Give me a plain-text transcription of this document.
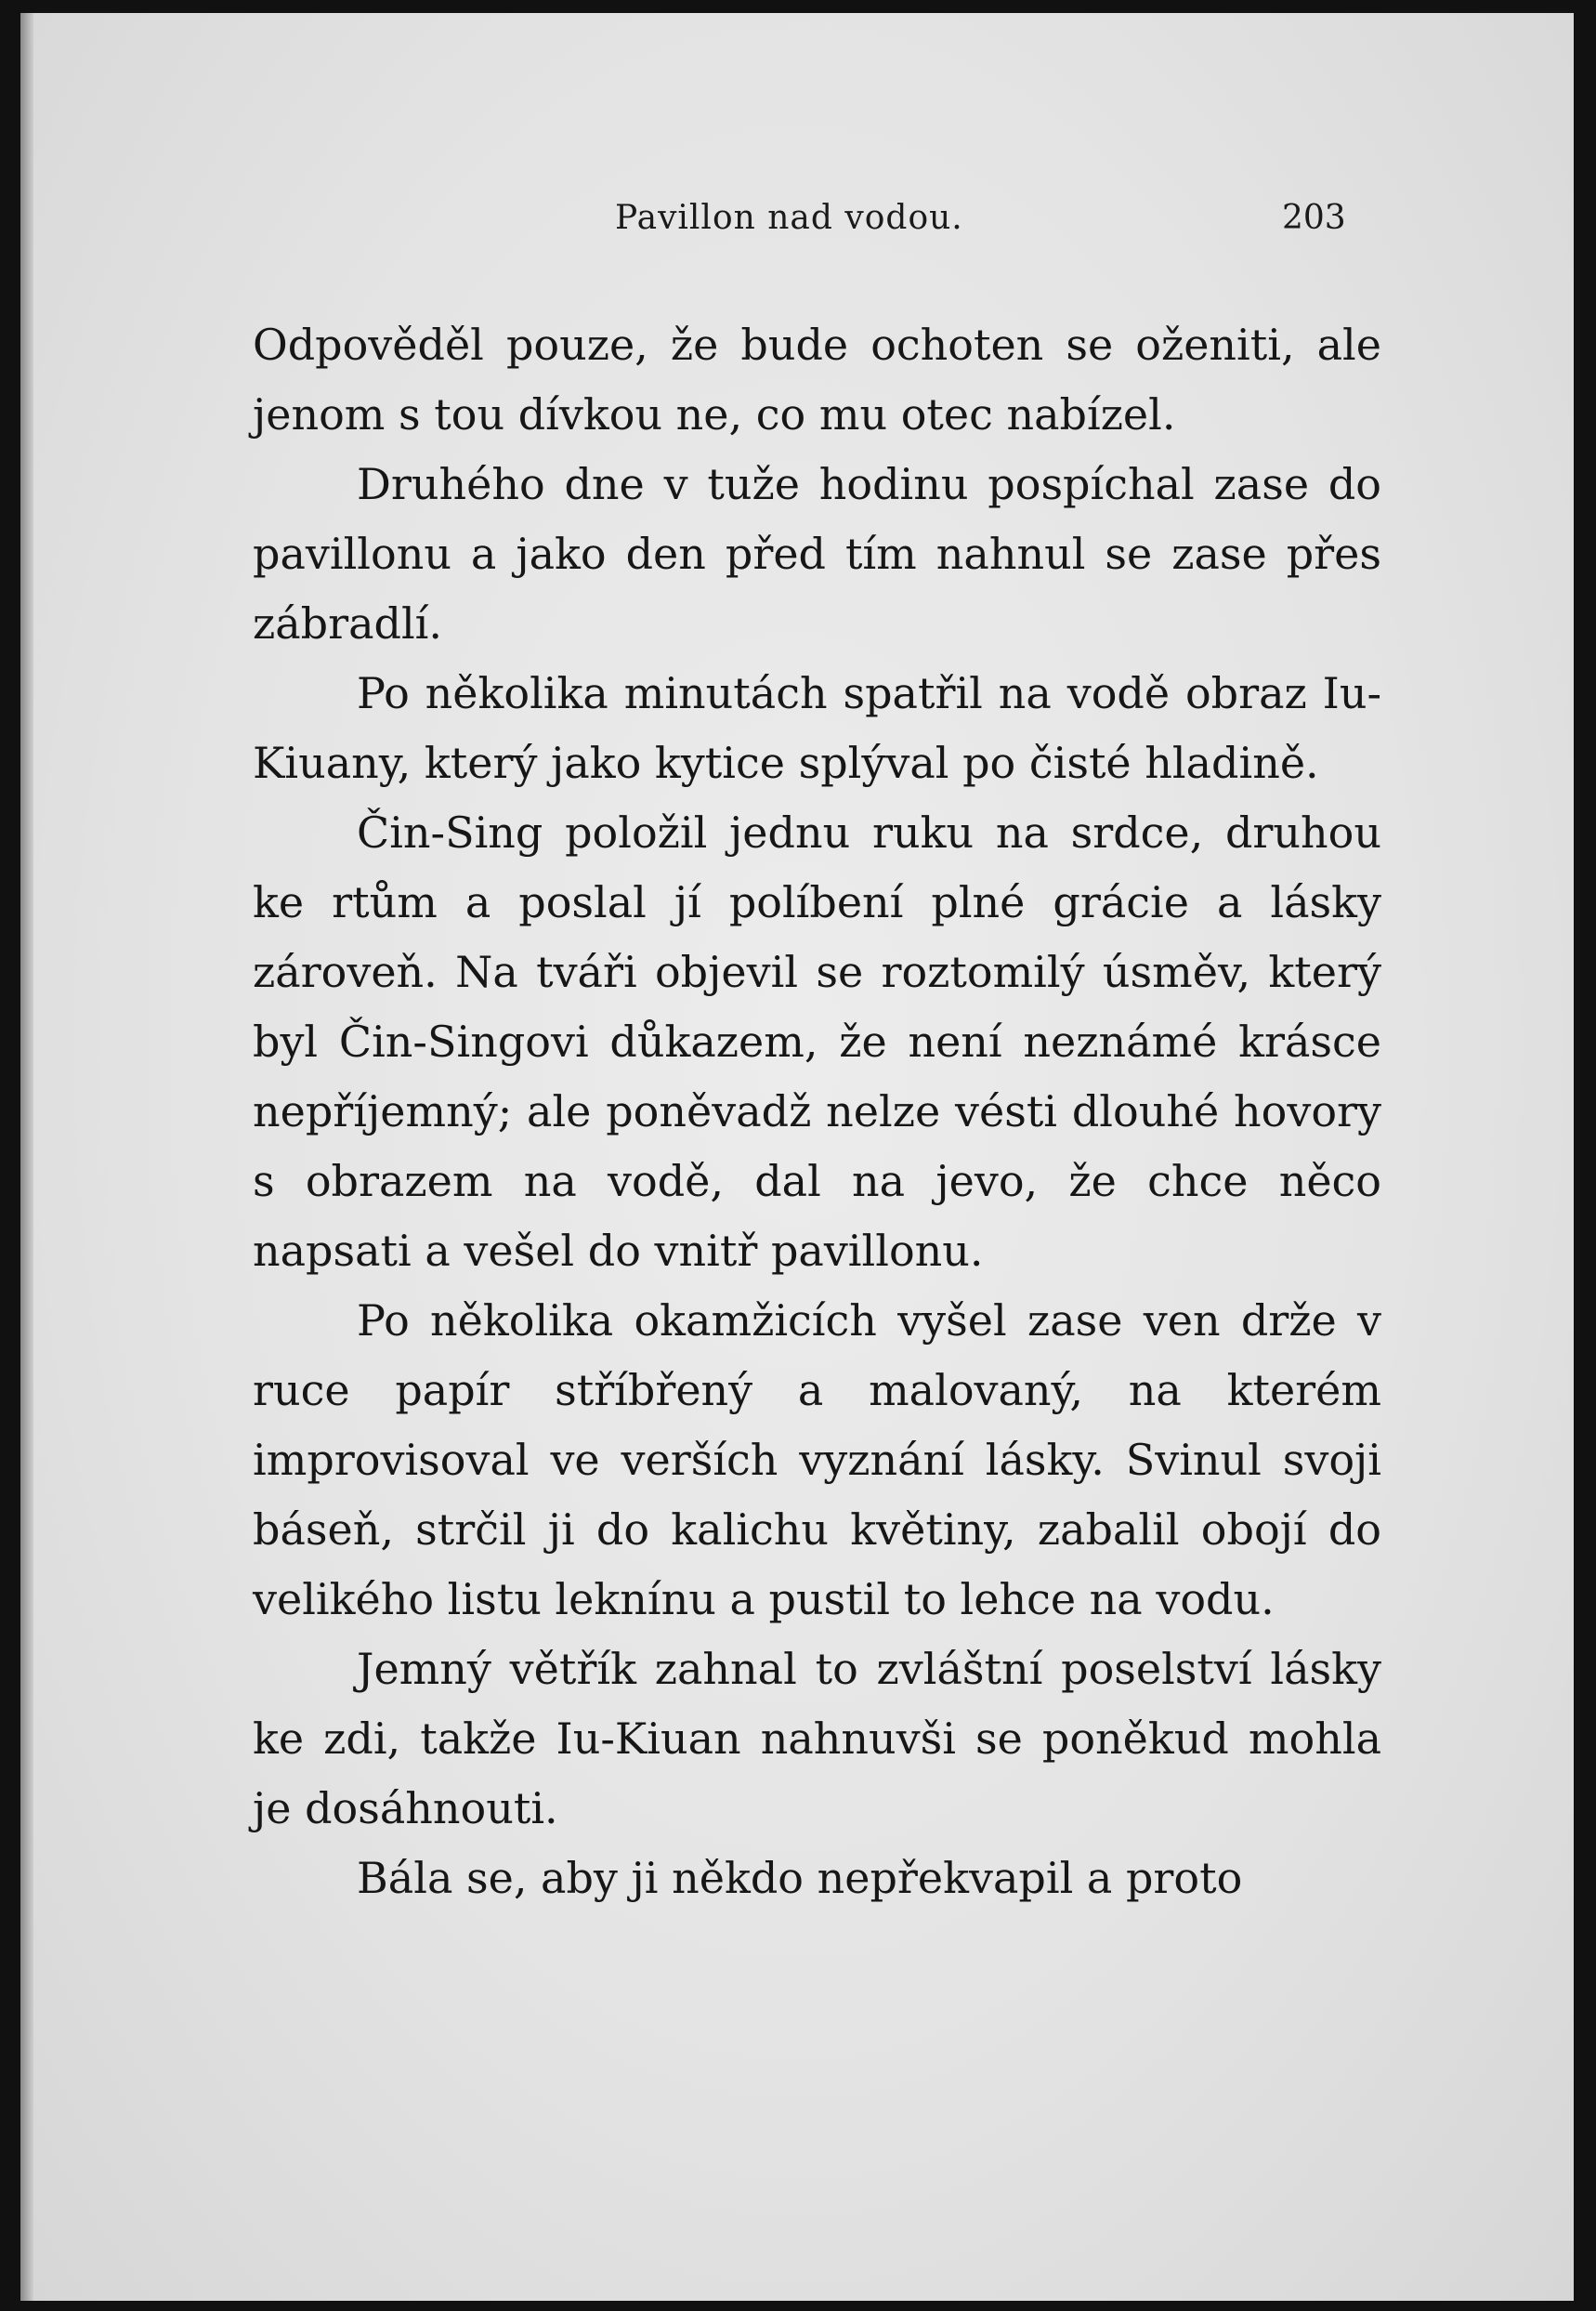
Pavillon nad vodou.	203

Odpověděl pouze, že bude ochoten se oženiti, ale jenom s tou dívkou ne, co mu otec nabízel.

Druhého dne v tuže hodinu pospíchal zase do pavillonu a jako den před tím nahnul se zase přes zábradlí.

Po několika minutách spatřil na vodě obraz Iu-Kiuany, který jako kytice splýval po čisté hladině.

Čin-Sing položil jednu ruku na srdce, druhou ke rtům a poslal jí políbení plné grácie a lásky zároveň. Na tváři objevil se roztomilý úsměv, který byl Čin-Singovi důkazem, že není neznámé krásce nepříjemný; ale poněvadž nelze vésti dlouhé hovory s obrazem na vodě, dal na jevo, že chce něco napsati a vešel do vnitř pavillonu.

Po několika okamžicích vyšel zase ven drže v ruce papír stříbřený a malovaný, na kterém improvisoval ve verších vyznání lásky. Svinul svoji báseň, strčil ji do kalichu květiny, zabalil obojí do velikého listu leknínu a pustil to lehce na vodu.

Jemný větřík zahnal to zvláštní poselství lásky ke zdi, takže Iu-Kiuan nahnuvši se poněkud mohla je dosáhnouti.

Bála se, aby ji někdo nepřekvapil a proto
